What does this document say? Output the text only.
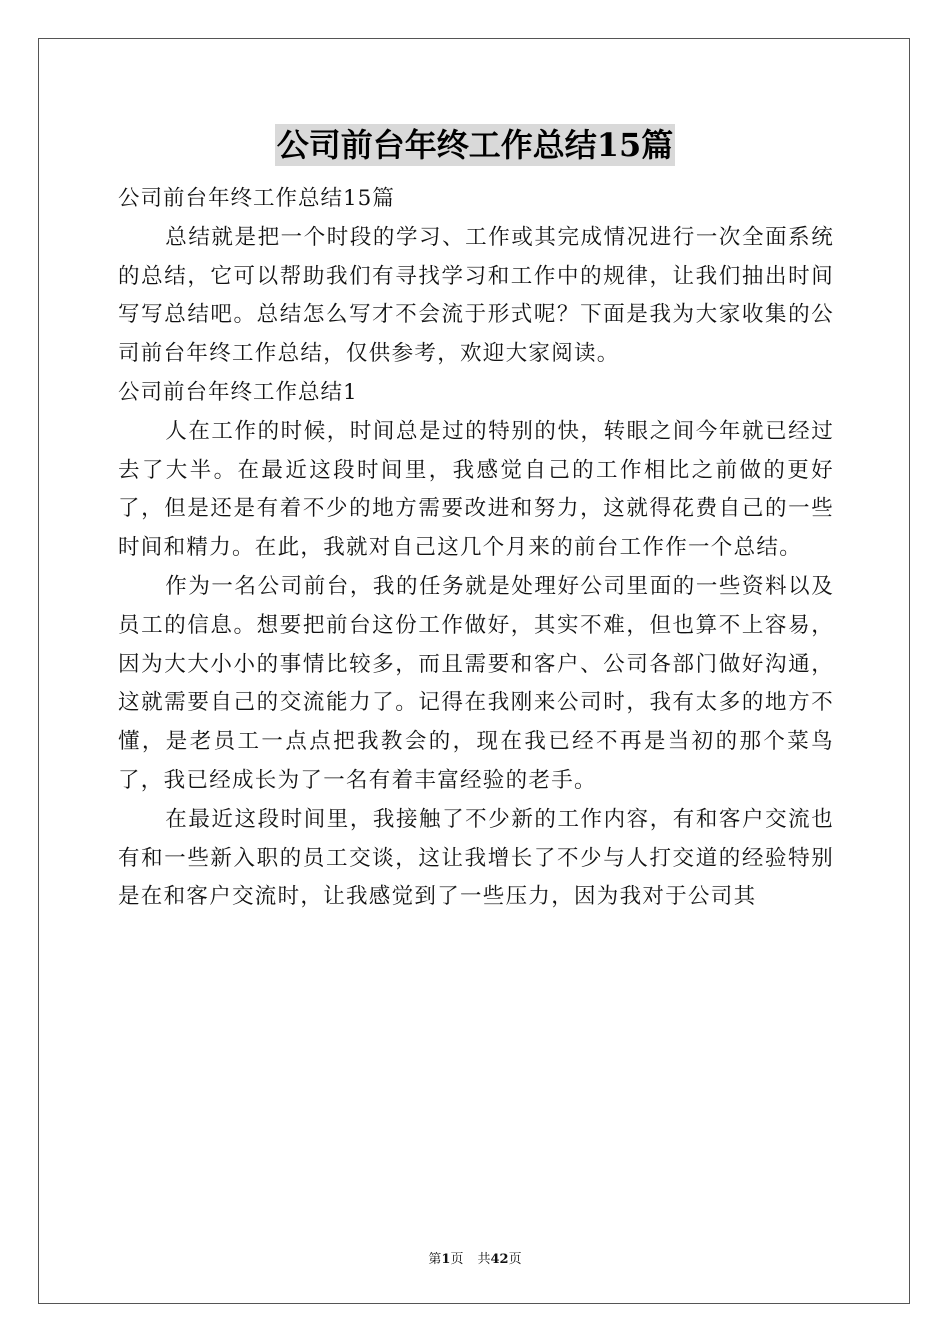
公司前台年终工作总结15篇

公司前台年终工作总结15篇

总结就是把一个时段的学习、工作或其完成情况进行一次全面系统的总结，它可以帮助我们有寻找学习和工作中的规律，让我们抽出时间写写总结吧。总结怎么写才不会流于形式呢？下面是我为大家收集的公司前台年终工作总结，仅供参考，欢迎大家阅读。

公司前台年终工作总结1

人在工作的时候，时间总是过的特别的快，转眼之间今年就已经过去了大半。在最近这段时间里，我感觉自己的工作相比之前做的更好了，但是还是有着不少的地方需要改进和努力，这就得花费自己的一些时间和精力。在此，我就对自己这几个月来的前台工作作一个总结。

作为一名公司前台，我的任务就是处理好公司里面的一些资料以及员工的信息。想要把前台这份工作做好，其实不难，但也算不上容易，因为大大小小的事情比较多，而且需要和客户、公司各部门做好沟通，这就需要自己的交流能力了。记得在我刚来公司时，我有太多的地方不懂，是老员工一点点把我教会的，现在我已经不再是当初的那个菜鸟了，我已经成长为了一名有着丰富经验的老手。

在最近这段时间里，我接触了不少新的工作内容，有和客户交流也有和一些新入职的员工交谈，这让我增长了不少与人打交道的经验特别是在和客户交流时，让我感觉到了一些压力，因为我对于公司其

第1页 共42页
